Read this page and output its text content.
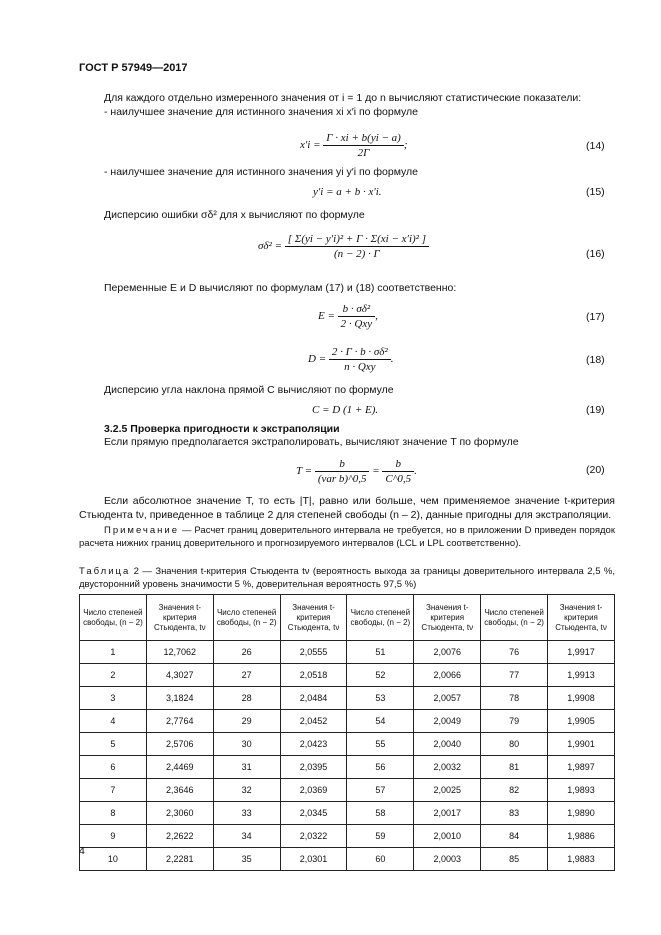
ГОСТ Р 57949—2017
Для каждого отдельно измеренного значения от i = 1 до n вычисляют статистические показатели:
- наилучшее значение для истинного значения xi x′i по формуле
$x'i = \frac{\Gamma \cdot xi + b(yi - a)}{2\Gamma}$ ;	(14)
- наилучшее значение для истинного значения yi y′i по формуле
y′i = a + b · x′i.	(15)
Дисперсию ошибки σδ² для x вычисляют по формуле
$\sigma\delta^2 = \frac{\text{[ Σ(yi − y′i)² + Γ · Σ(xi − x′i)² ]}}{(n - 2) \cdot \Gamma}$	(16)
Переменные E и D вычисляют по формулам (17) и (18) соответственно:
$E = \frac{\text{b · σδ²}}{\text{2 · Qxy}}$ ,	(17)
$D = \frac{\text{2 · Γ · b · σδ²}}{\text{n · Qxy}}$ .	(18)
Дисперсию угла наклона прямой C вычисляют по формуле
C = D (1 + E).	(19)
3.2.5 Проверка пригодности к экстраполяции
Если прямую предполагается экстраполировать, вычисляют значение T по формуле
$T = \frac{b}{\text{(var b)\textasciicircum{}0,5}} = \frac{b}{C\^{}0,5}$ .	(20)
Если абсолютное значение T, то есть |T|, равно или больше, чем применяемое значение t-критерия Стьюдента tν, приведенное в таблице 2 для степеней свободы (n – 2), данные пригодны для экстраполяции.
Примечание — Расчет границ доверительного интервала не требуется, но в приложении D приведен порядок расчета нижних границ доверительного и прогнозируемого интервалов (LCL и LPL соответственно).
Таблица 2 — Значения t-критерия Стьюдента tν (вероятность выхода за границы доверительного интервала 2,5 %, двусторонний уровень значимости 5 %, доверительная вероятность 97,5 %)
Число степеней свободы, (n − 2)	Значения t-критерия Стьюдента, tν	Число степеней свободы, (n − 2)	Значения t-критерия Стьюдента, tν	Число степеней свободы, (n − 2)	Значения t-критерия Стьюдента, tν	Число степеней свободы, (n − 2)	Значения t-критерия Стьюдента, tν
1	12,7062	26	2,0555	51	2,0076	76	1,9917
2	4,3027	27	2,0518	52	2,0066	77	1,9913
3	3,1824	28	2,0484	53	2,0057	78	1,9908
4	2,7764	29	2,0452	54	2,0049	79	1,9905
5	2,5706	30	2,0423	55	2,0040	80	1,9901
6	2,4469	31	2,0395	56	2,0032	81	1,9897
7	2,3646	32	2,0369	57	2,0025	82	1,9893
8	2,3060	33	2,0345	58	2,0017	83	1,9890
9	2,2622	34	2,0322	59	2,0010	84	1,9886
10	2,2281	35	2,0301	60	2,0003	85	1,9883
4
